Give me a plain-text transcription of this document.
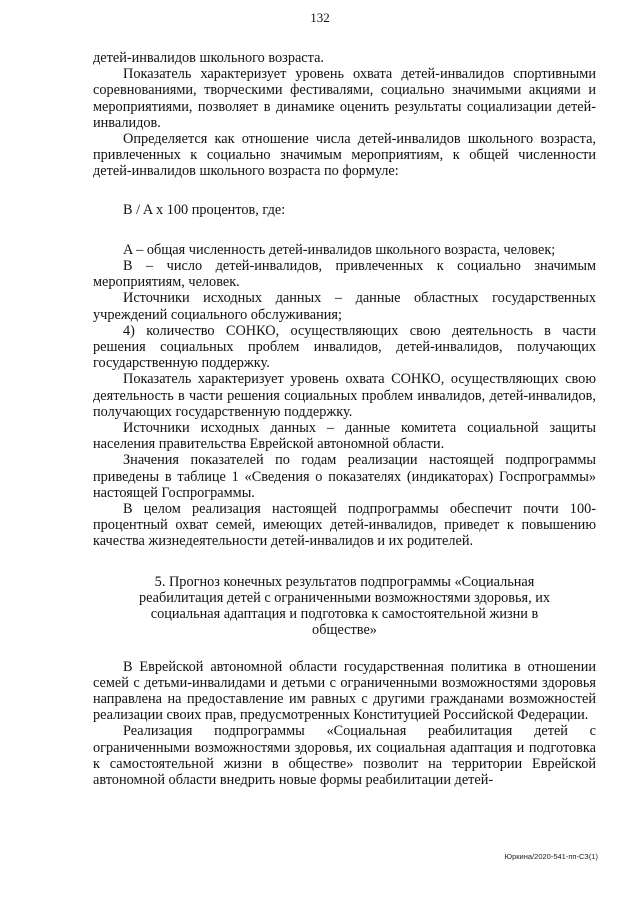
132

детей-инвалидов школьного возраста.

Показатель характеризует уровень охвата детей-инвалидов спортивными соревнованиями, творческими фестивалями, социально значимыми акциями и мероприятиями, позволяет в динамике оценить результаты социализации детей-инвалидов.

Определяется как отношение числа детей-инвалидов школьного возраста, привлеченных к социально значимым мероприятиям, к общей численности детей-инвалидов школьного возраста по формуле:

B / A x 100 процентов, где:

A – общая численность детей-инвалидов школьного возраста, человек;

B – число детей-инвалидов, привлеченных к социально значимым мероприятиям, человек.

Источники исходных данных – данные областных государственных учреждений социального обслуживания;

4) количество СОНКО, осуществляющих свою деятельность в части решения социальных проблем инвалидов, детей-инвалидов, получающих государственную поддержку.

Показатель характеризует уровень охвата СОНКО, осуществляющих свою деятельность в части решения социальных проблем инвалидов, детей-инвалидов, получающих государственную поддержку.

Источники исходных данных – данные комитета социальной защиты населения правительства Еврейской автономной области.

Значения показателей по годам реализации настоящей подпрограммы приведены в таблице 1 «Сведения о показателях (индикаторах) Госпрограммы» настоящей Госпрограммы.

В целом реализация настоящей подпрограммы обеспечит почти 100-процентный охват семей, имеющих детей-инвалидов, приведет к повышению качества жизнедеятельности детей-инвалидов и их родителей.

5. Прогноз конечных результатов подпрограммы «Социальная реабилитация детей с ограниченными возможностями здоровья, их социальная адаптация и подготовка к самостоятельной жизни в обществе»

В Еврейской автономной области государственная политика в отношении семей с детьми-инвалидами и детьми с ограниченными возможностями здоровья направлена на предоставление им равных с другими гражданами возможностей реализации своих прав, предусмотренных Конституцией Российской Федерации.

Реализация подпрограммы «Социальная реабилитация детей с ограниченными возможностями здоровья, их социальная адаптация и подготовка к самостоятельной жизни в обществе» позволит на территории Еврейской автономной области внедрить новые формы реабилитации детей-

Юркина/2020-541-пп-СЗ(1)
